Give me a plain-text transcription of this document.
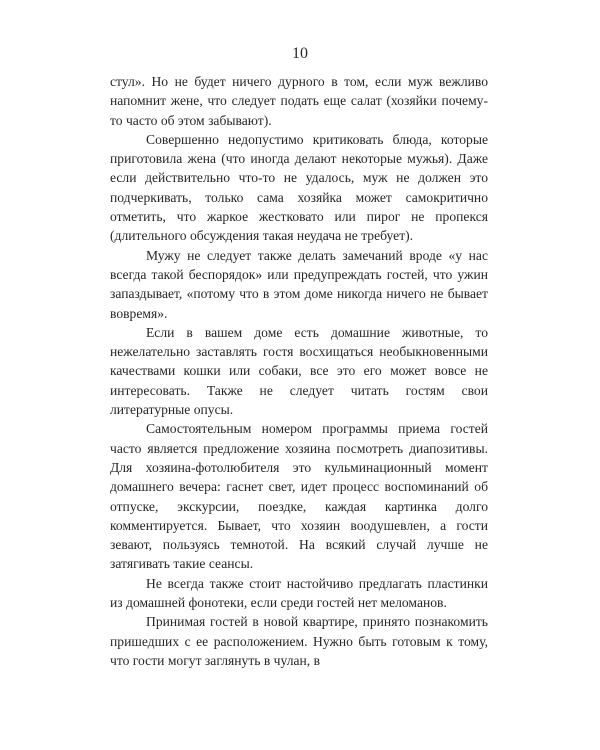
10

стул». Но не будет ничего дурного в том, если муж вежливо напомнит жене, что следует подать еще салат (хозяйки почему-то часто об этом забывают).

Совершенно недопустимо критиковать блюда, которые приготовила жена (что иногда делают некоторые мужья). Даже если действительно что-то не удалось, муж не должен это подчеркивать, только сама хозяйка может самокритично отметить, что жаркое жестковато или пирог не пропекся (длительного обсуждения такая неудача не требует).

Мужу не следует также делать замечаний вроде «у нас всегда такой беспорядок» или предупреждать гостей, что ужин запаздывает, «потому что в этом доме никогда ничего не бывает вовремя».

Если в вашем доме есть домашние животные, то нежелательно заставлять гостя восхищаться необыкновенными качествами кошки или собаки, все это его может вовсе не интересовать. Также не следует читать гостям свои литературные опусы.

Самостоятельным номером программы приема гостей часто является предложение хозяина посмотреть диапозитивы. Для хозяина-фотолюбителя это кульминационный момент домашнего вечера: гаснет свет, идет процесс воспоминаний об отпуске, экскурсии, поездке, каждая картинка долго комментируется. Бывает, что хозяин воодушевлен, а гости зевают, пользуясь темнотой. На всякий случай лучше не затягивать такие сеансы.

Не всегда также стоит настойчиво предлагать пластинки из домашней фонотеки, если среди гостей нет меломанов.

Принимая гостей в новой квартире, принято познакомить пришедших с ее расположением. Нужно быть готовым к тому, что гости могут заглянуть в чулан, в
